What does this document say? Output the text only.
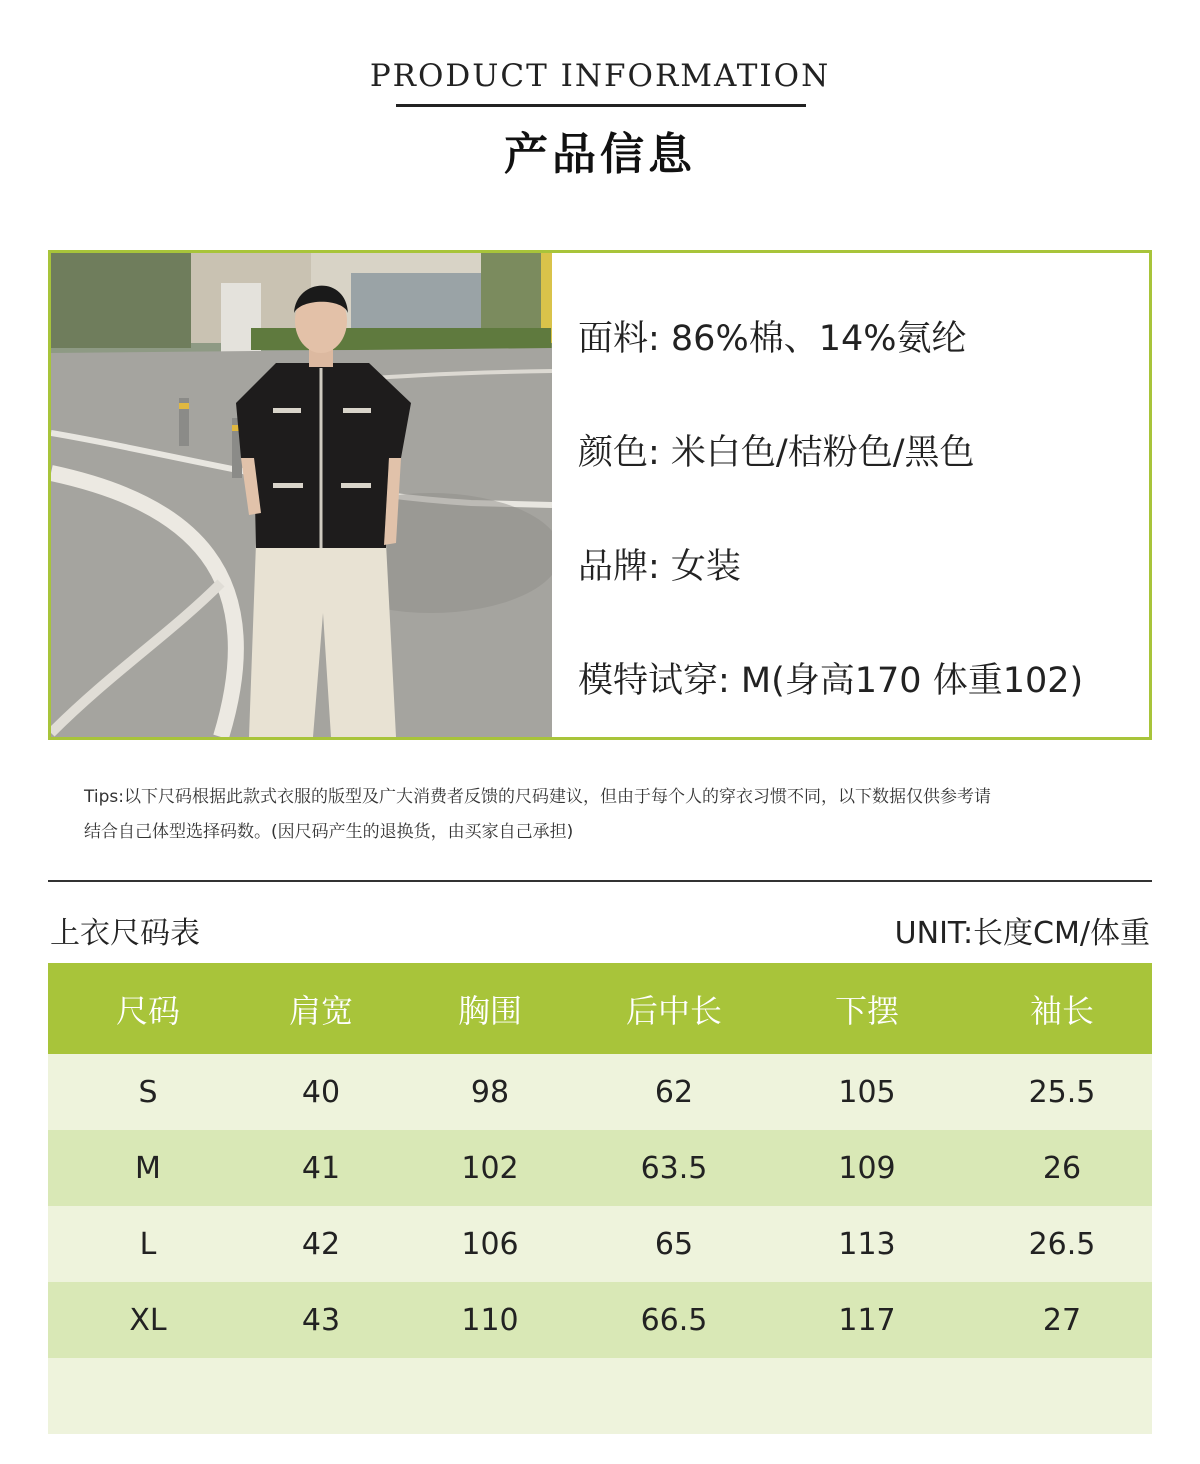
PRODUCT INFORMATION
产品信息
面料: 86%棉、14%氨纶
颜色: 米白色/桔粉色/黑色
品牌: 女装
模特试穿: M(身高170 体重102)
Tips:以下尺码根据此款式衣服的版型及广大消费者反馈的尺码建议，但由于每个人的穿衣习惯不同，以下数据仅供参考请
结合自己体型选择码数。(因尺码产生的退换货，由买家自己承担)
上衣尺码表	UNIT:长度CM/体重
尺码	肩宽	胸围	后中长	下摆	袖长
S	40	98	62	105	25.5
M	41	102	63.5	109	26
L	42	106	65	113	26.5
XL	43	110	66.5	117	27
